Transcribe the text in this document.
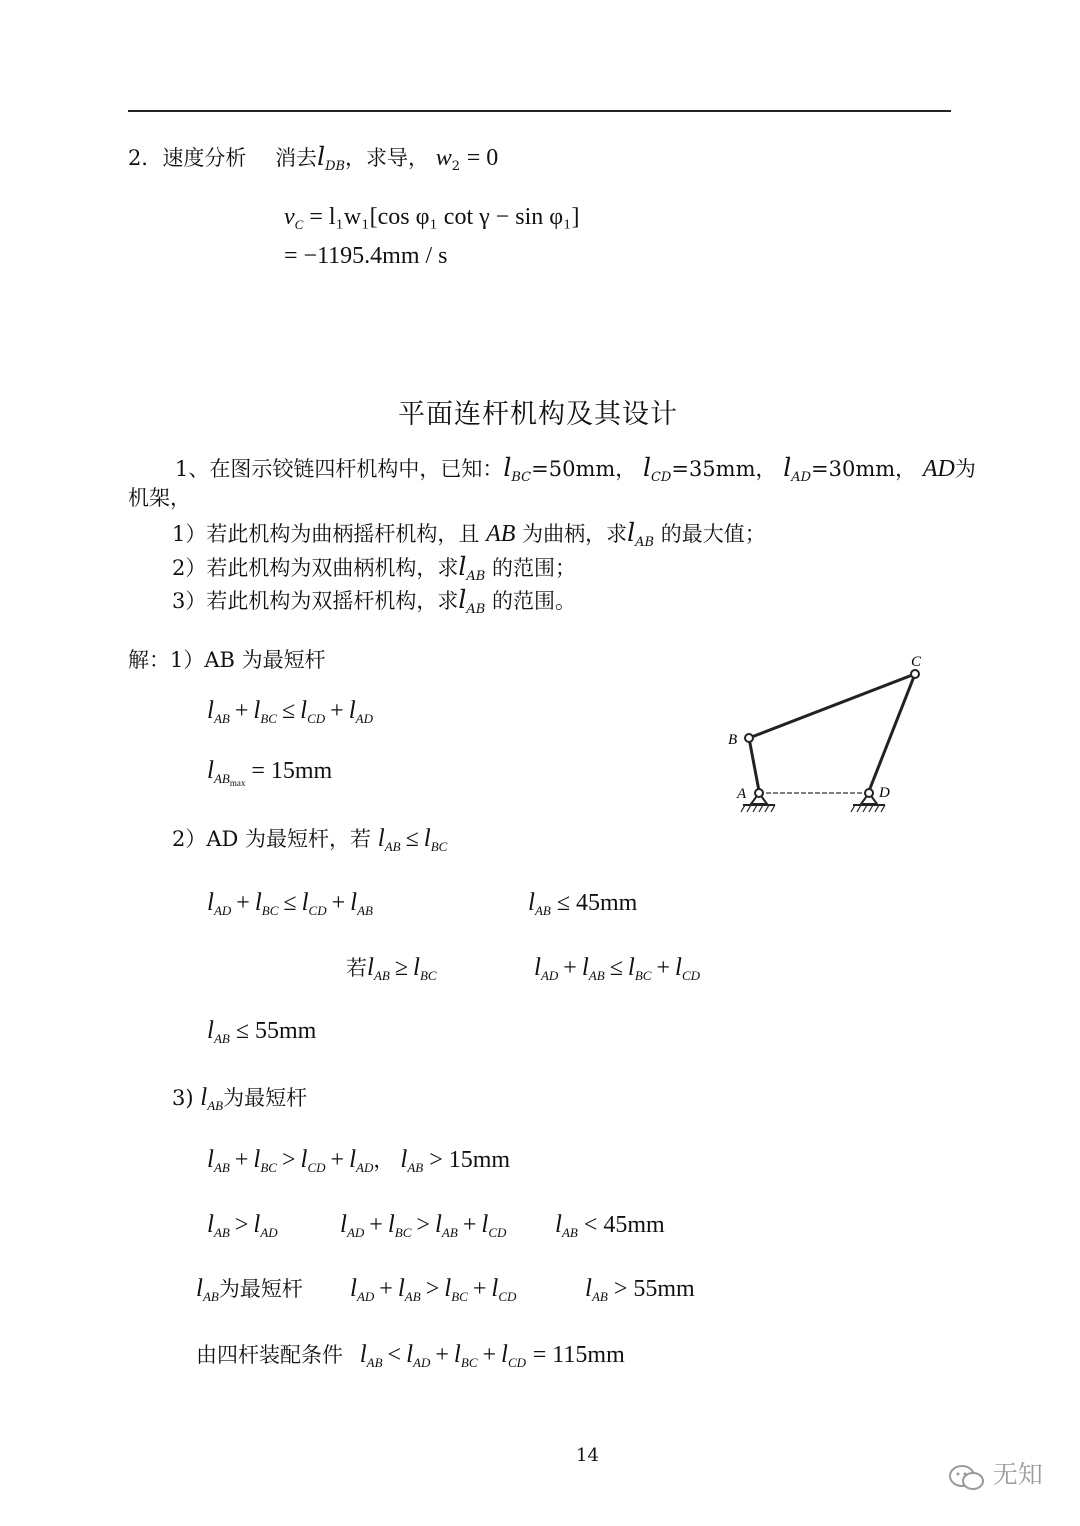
2．速度分析 消去$l_{DB}$，求导， $w_2 = 0$
$v_C = l_1w_1[\cos$ φ₁ cot γ − sin φ₁]
= −1195.4mm / s
平面连杆机构及其设计
1、在图示铰链四杆机构中，已知：$l_{BC}=50mm$， $l_{CD}=35mm$， $l_{AD}=30mm$， AD为
机架，
1）若此机构为曲柄摇杆机构，且 AB 为曲柄，求$l_{AB}$ 的最大值；
2）若此机构为双曲柄机构，求$l_{AB}$ 的范围；
3）若此机构为双摇杆机构，求$l_{AB}$ 的范围。
解：1）AB 为最短杆
$l_{AB} + l_{BC} \le l_{CD} + l_{AD}$
$l_{AB_{max}} = 15mm$
A
B
C
D
2）AD 为最短杆，若 $l_{AB} \le l_{BC}$
$l_{AD} + l_{BC} \le l_{CD} + l_{AB}$	$l_{AB} \le 45mm$
若$l_{AB} \ge l_{BC}$	$l_{AD} + l_{AB} \le l_{BC} + l_{CD}$
$l_{AB} \le 55mm$
3) $l_{AB}$为最短杆
$l_{AB} + l_{BC} > l_{CD} + l_{AD}$， $l_{AB} > 15mm$
$l_{AB} > l_{AD}$ $l_{AD} + l_{BC} > l_{AB} + l_{CD}$ $l_{AB} < 45mm$
$l_{AB}$为最短杆 $l_{AD} + l_{AB} > l_{BC} + l_{CD}$	$l_{AB} > 55mm$
由四杆装配条件 $l_{AB} < l_{AD} + l_{BC} + l_{CD} = 115mm$
14
无知
